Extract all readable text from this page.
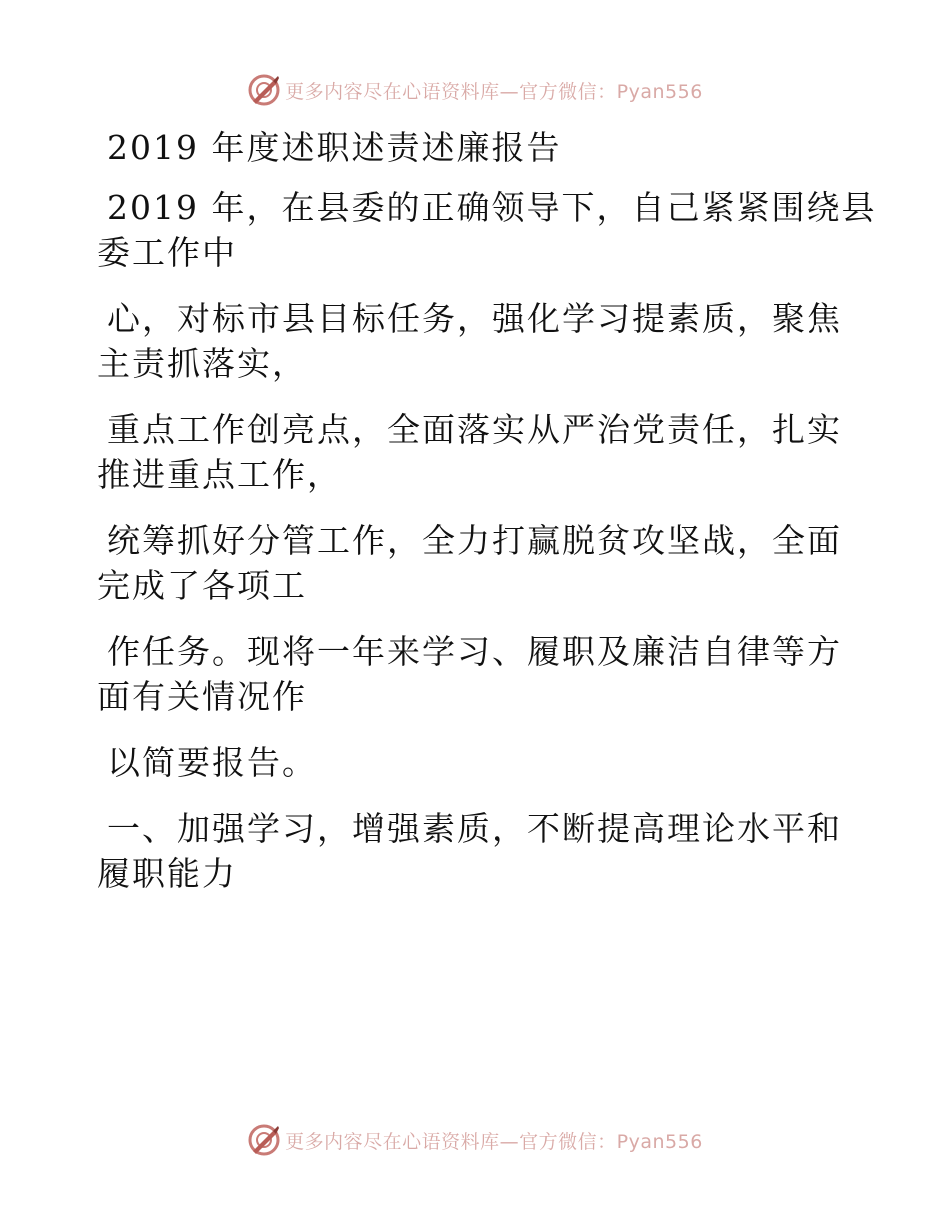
更多内容尽在心语资料库—官方微信：Pyan556

2019 年度述职述责述廉报告

2019 年，在县委的正确领导下，自己紧紧围绕县

委工作中

心，对标市县目标任务，强化学习提素质，聚焦

主责抓落实，

重点工作创亮点，全面落实从严治党责任，扎实

推进重点工作，

统筹抓好分管工作，全力打赢脱贫攻坚战，全面

完成了各项工

作任务。现将一年来学习、履职及廉洁自律等方

面有关情况作

以简要报告。

一、加强学习，增强素质，不断提高理论水平和

履职能力

更多内容尽在心语资料库—官方微信：Pyan556
